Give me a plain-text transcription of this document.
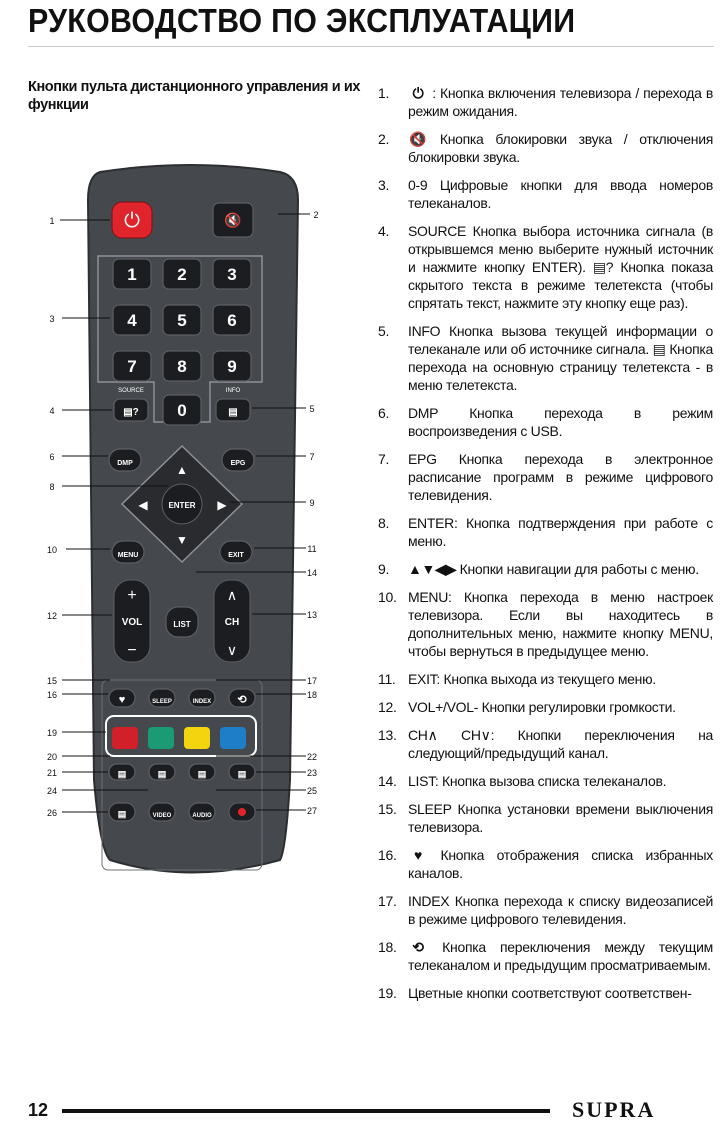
РУКОВОДСТВО ПО ЭКСПЛУАТАЦИИ
Кнопки пульта дистанционного управления и их функции
⏻	🔇
1 2 3
4 5 6
7 8 9
0
SOURCE
▤?
INFO
▤
DMP	EPG
▲
▼
◀	▶
ENTER
MENU	EXIT
+
VOL
−
∧
CH
∨
LIST
♥	SLEEP	INDEX ⟲
▤	▤	▤	▤
▤	VIDEO	AUDIO
1
2
3
4	5
6	7
8
9
10	11
12	13
14
15
16
17
18
19
20
21
22
23
24	25
26	27
1. ⏻ : Кнопка включения телевизора / перехода в режим ожидания.
2. 🔇 Кнопка блокировки звука / отключения блокировки звука.
3. 0-9 Цифровые кнопки для ввода номеров телеканалов.
4. SOURCE Кнопка выбора источника сигнала (в открывшемся меню выберите нужный источник и нажмите кнопку ENTER). ▤? Кнопка показа скрытого текста в режиме телетекста (чтобы спрятать текст, нажмите эту кнопку еще раз).
5. INFO Кнопка вызова текущей информации о телеканале или об источнике сигнала. ▤ Кнопка перехода на основную страницу телетекста - в меню телетекста.
6. DMP Кнопка перехода в режим воспроизведения с USB.
7. EPG Кнопка перехода в электронное расписание программ в режиме цифрового телевидения.
8. ENTER: Кнопка подтверждения при работе с меню.
9. ▲▼◀▶ Кнопки навигации для работы с меню.
10. MENU: Кнопка перехода в меню настроек телевизора. Если вы находитесь в дополнительных меню, нажмите кнопку MENU, чтобы вернуться в предыдущее меню.
11. EXIT: Кнопка выхода из текущего меню.
12. VOL+/VOL- Кнопки регулировки громкости.
13. CH∧ CH∨: Кнопки переключения на следующий/предыдущий канал.
14. LIST: Кнопка вызова списка телеканалов.
15. SLEEP Кнопка установки времени выключения телевизора.
16. ♥ Кнопка отображения списка избранных каналов.
17. INDEX Кнопка перехода к списку видеозаписей в режиме цифрового телевидения.
18. ⟲ Кнопка переключения между текущим телеканалом и предыдущим просматриваемым.
19. Цветные кнопки соответствуют соответствен-
12	SUPRA
